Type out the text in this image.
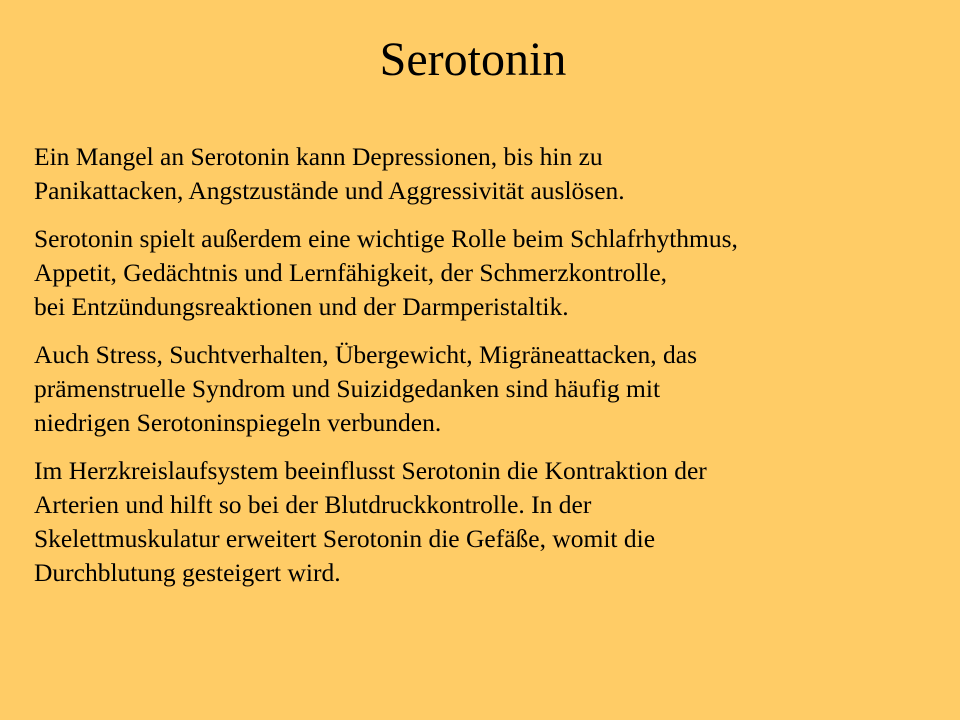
Serotonin

Ein Mangel an Serotonin kann Depressionen, bis hin zu
Panikattacken, Angstzustände und Aggressivität auslösen.

Serotonin spielt außerdem eine wichtige Rolle beim Schlafrhythmus,
Appetit, Gedächtnis und Lernfähigkeit, der Schmerzkontrolle,
bei Entzündungsreaktionen und der Darmperistaltik.

Auch Stress, Suchtverhalten, Übergewicht, Migräneattacken, das
prämenstruelle Syndrom und Suizidgedanken sind häufig mit
niedrigen Serotoninspiegeln verbunden.

Im Herzkreislaufsystem beeinflusst Serotonin die Kontraktion der
Arterien und hilft so bei der Blutdruckkontrolle. In der
Skelettmuskulatur erweitert Serotonin die Gefäße, womit die
Durchblutung gesteigert wird.
